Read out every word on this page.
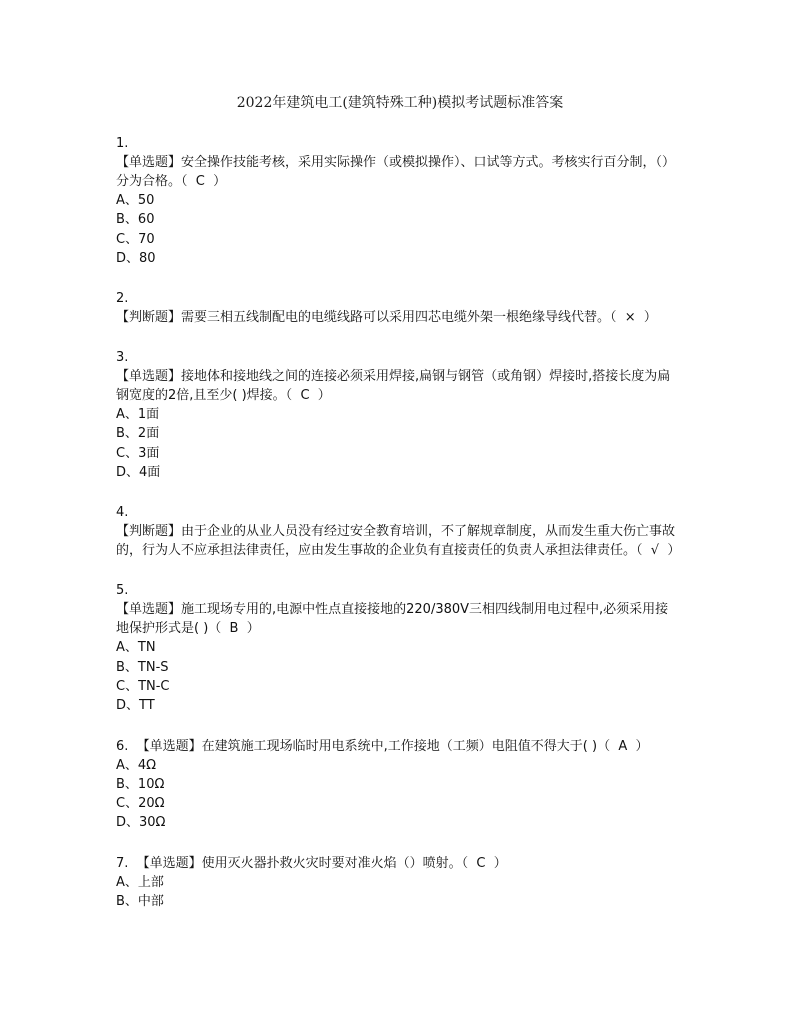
2022年建筑电工(建筑特殊工种)模拟考试题标准答案
1.
【单选题】安全操作技能考核，采用实际操作（或模拟操作）、口试等方式。考核实行百分制，（）分为合格。（  C  ）
A、50
B、60
C、70
D、80
2.
【判断题】需要三相五线制配电的电缆线路可以采用四芯电缆外架一根绝缘导线代替。（  ×  ）
3.
【单选题】接地体和接地线之间的连接必须采用焊接,扁钢与钢管（或角钢）焊接时,搭接长度为扁钢宽度的2倍,且至少( )焊接。（  C  ）
A、1面
B、2面
C、3面
D、4面
4.
【判断题】由于企业的从业人员没有经过安全教育培训，不了解规章制度，从而发生重大伤亡事故的，行为人不应承担法律责任，应由发生事故的企业负有直接责任的负责人承担法律责任。（  √  ）
5.
【单选题】施工现场专用的,电源中性点直接接地的220/380V三相四线制用电过程中,必须采用接地保护形式是( )（  B  ）
A、TN
B、TN-S
C、TN-C
D、TT
6. 【单选题】在建筑施工现场临时用电系统中,工作接地（工频）电阻值不得大于( )（  A  ）
A、4Ω
B、10Ω
C、20Ω
D、30Ω
7. 【单选题】使用灭火器扑救火灾时要对准火焰（）喷射。（  C  ）
A、上部
B、中部
